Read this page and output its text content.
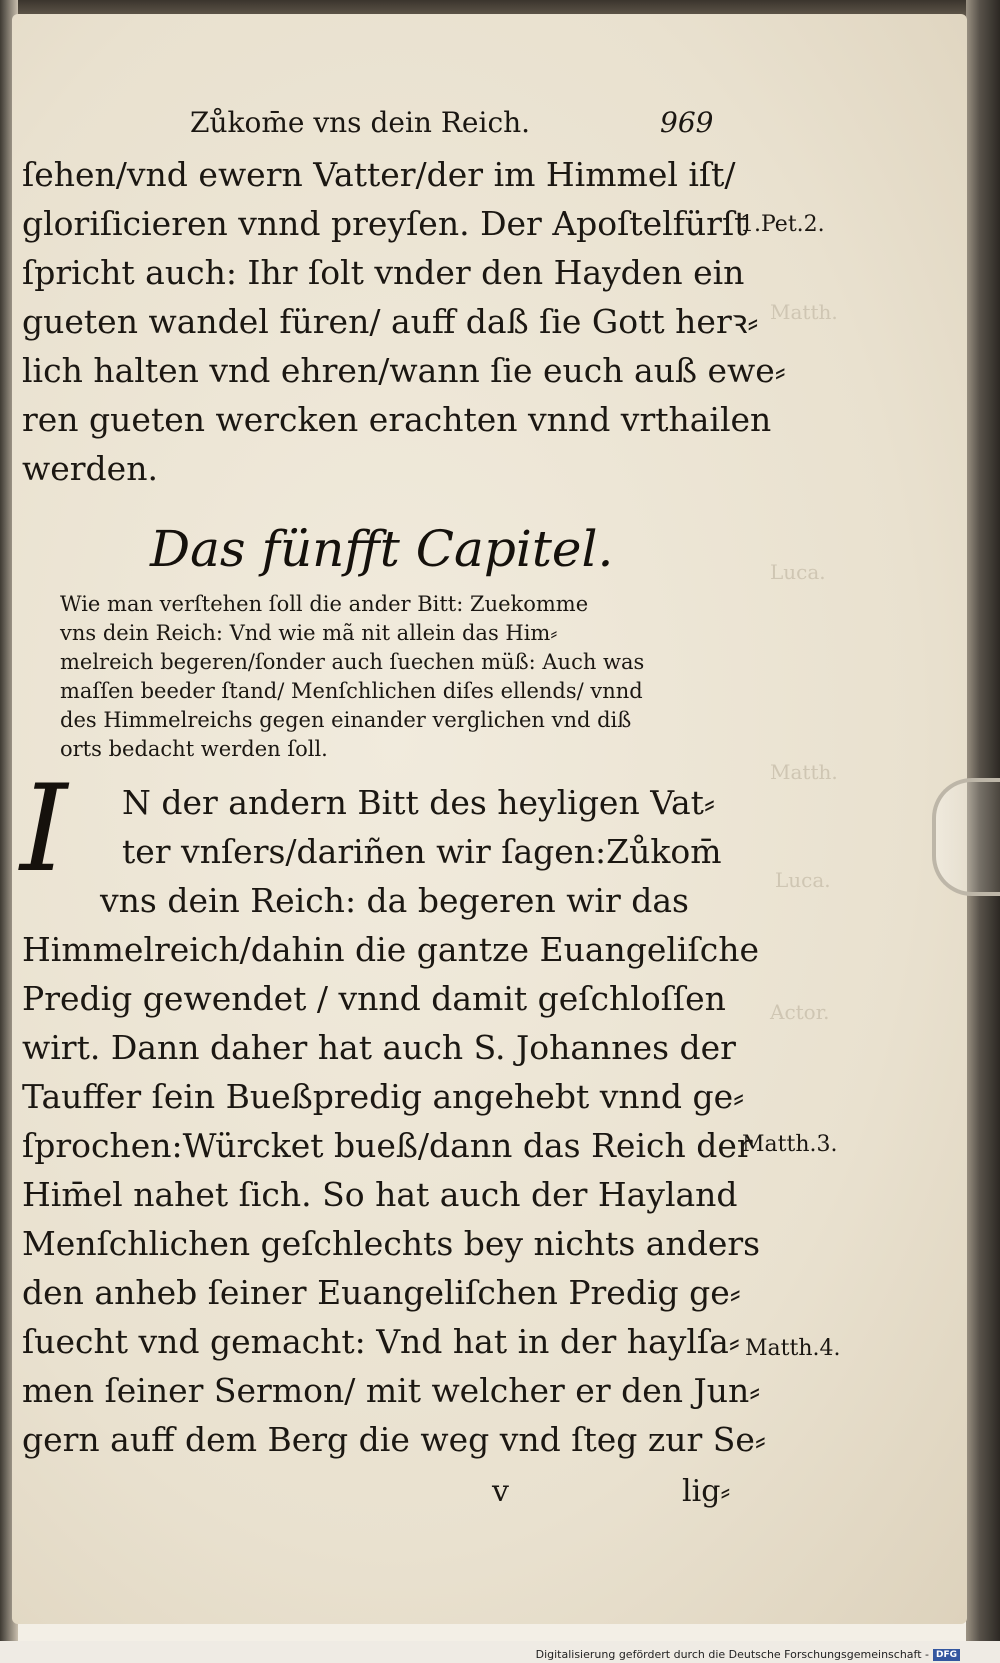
Matth.
Luca.
Matth.
Luca.
Actor.
Zůkom̄e vns dein Reich.	969
ſehen/vnd ewern Vatter/der im Himmel iſt/
gloriſicieren vnnd preyſen. Der Apoſtelfürſt
ſpricht auch: Ihr ſolt vnder den Hayden ein
gueten wandel füren/ auff daß ſie Gott herꝛ⸗
lich halten vnd ehren/wann ſie euch auß ewe⸗
ren gueten wercken erachten vnnd vrthailen
werden.
1.Pet.2.
Das fünfft Capitel.
Wie man verſtehen ſoll die ander Bitt: Zuekomme
vns dein Reich: Vnd wie mã nit allein das Him⸗
melreich begeren/ſonder auch ſuechen müß: Auch was
maſſen beeder ſtand/ Menſchlichen diſes ellends/ vnnd
des Himmelreichs gegen einander verglichen vnd diß
orts bedacht werden ſoll.
I	N der andern Bitt des heyligen Vat⸗
ter vnſers/dariñen wir ſagen:Zůkom̄
vns dein Reich: da begeren wir das
Himmelreich/dahin die gantze Euangeliſche
Predig gewendet / vnnd damit geſchloſſen
wirt. Dann daher hat auch S. Johannes der
Tauffer ſein Bueßpredig angehebt vnnd ge⸗
ſprochen:Würcket bueß/dann das Reich der
Him̄el nahet ſich. So hat auch der Hayland
Menſchlichen geſchlechts bey nichts anders
den anheb ſeiner Euangeliſchen Predig ge⸗
ſuecht vnd gemacht: Vnd hat in der haylſa⸗
men ſeiner Sermon/ mit welcher er den Jun⸗
gern auff dem Berg die weg vnd ſteg zur Se⸗
Matth.3.
Matth.4.
v	lig⸗
Digitalisierung gefördert durch die Deutsche Forschungsgemeinschaft - DFG
